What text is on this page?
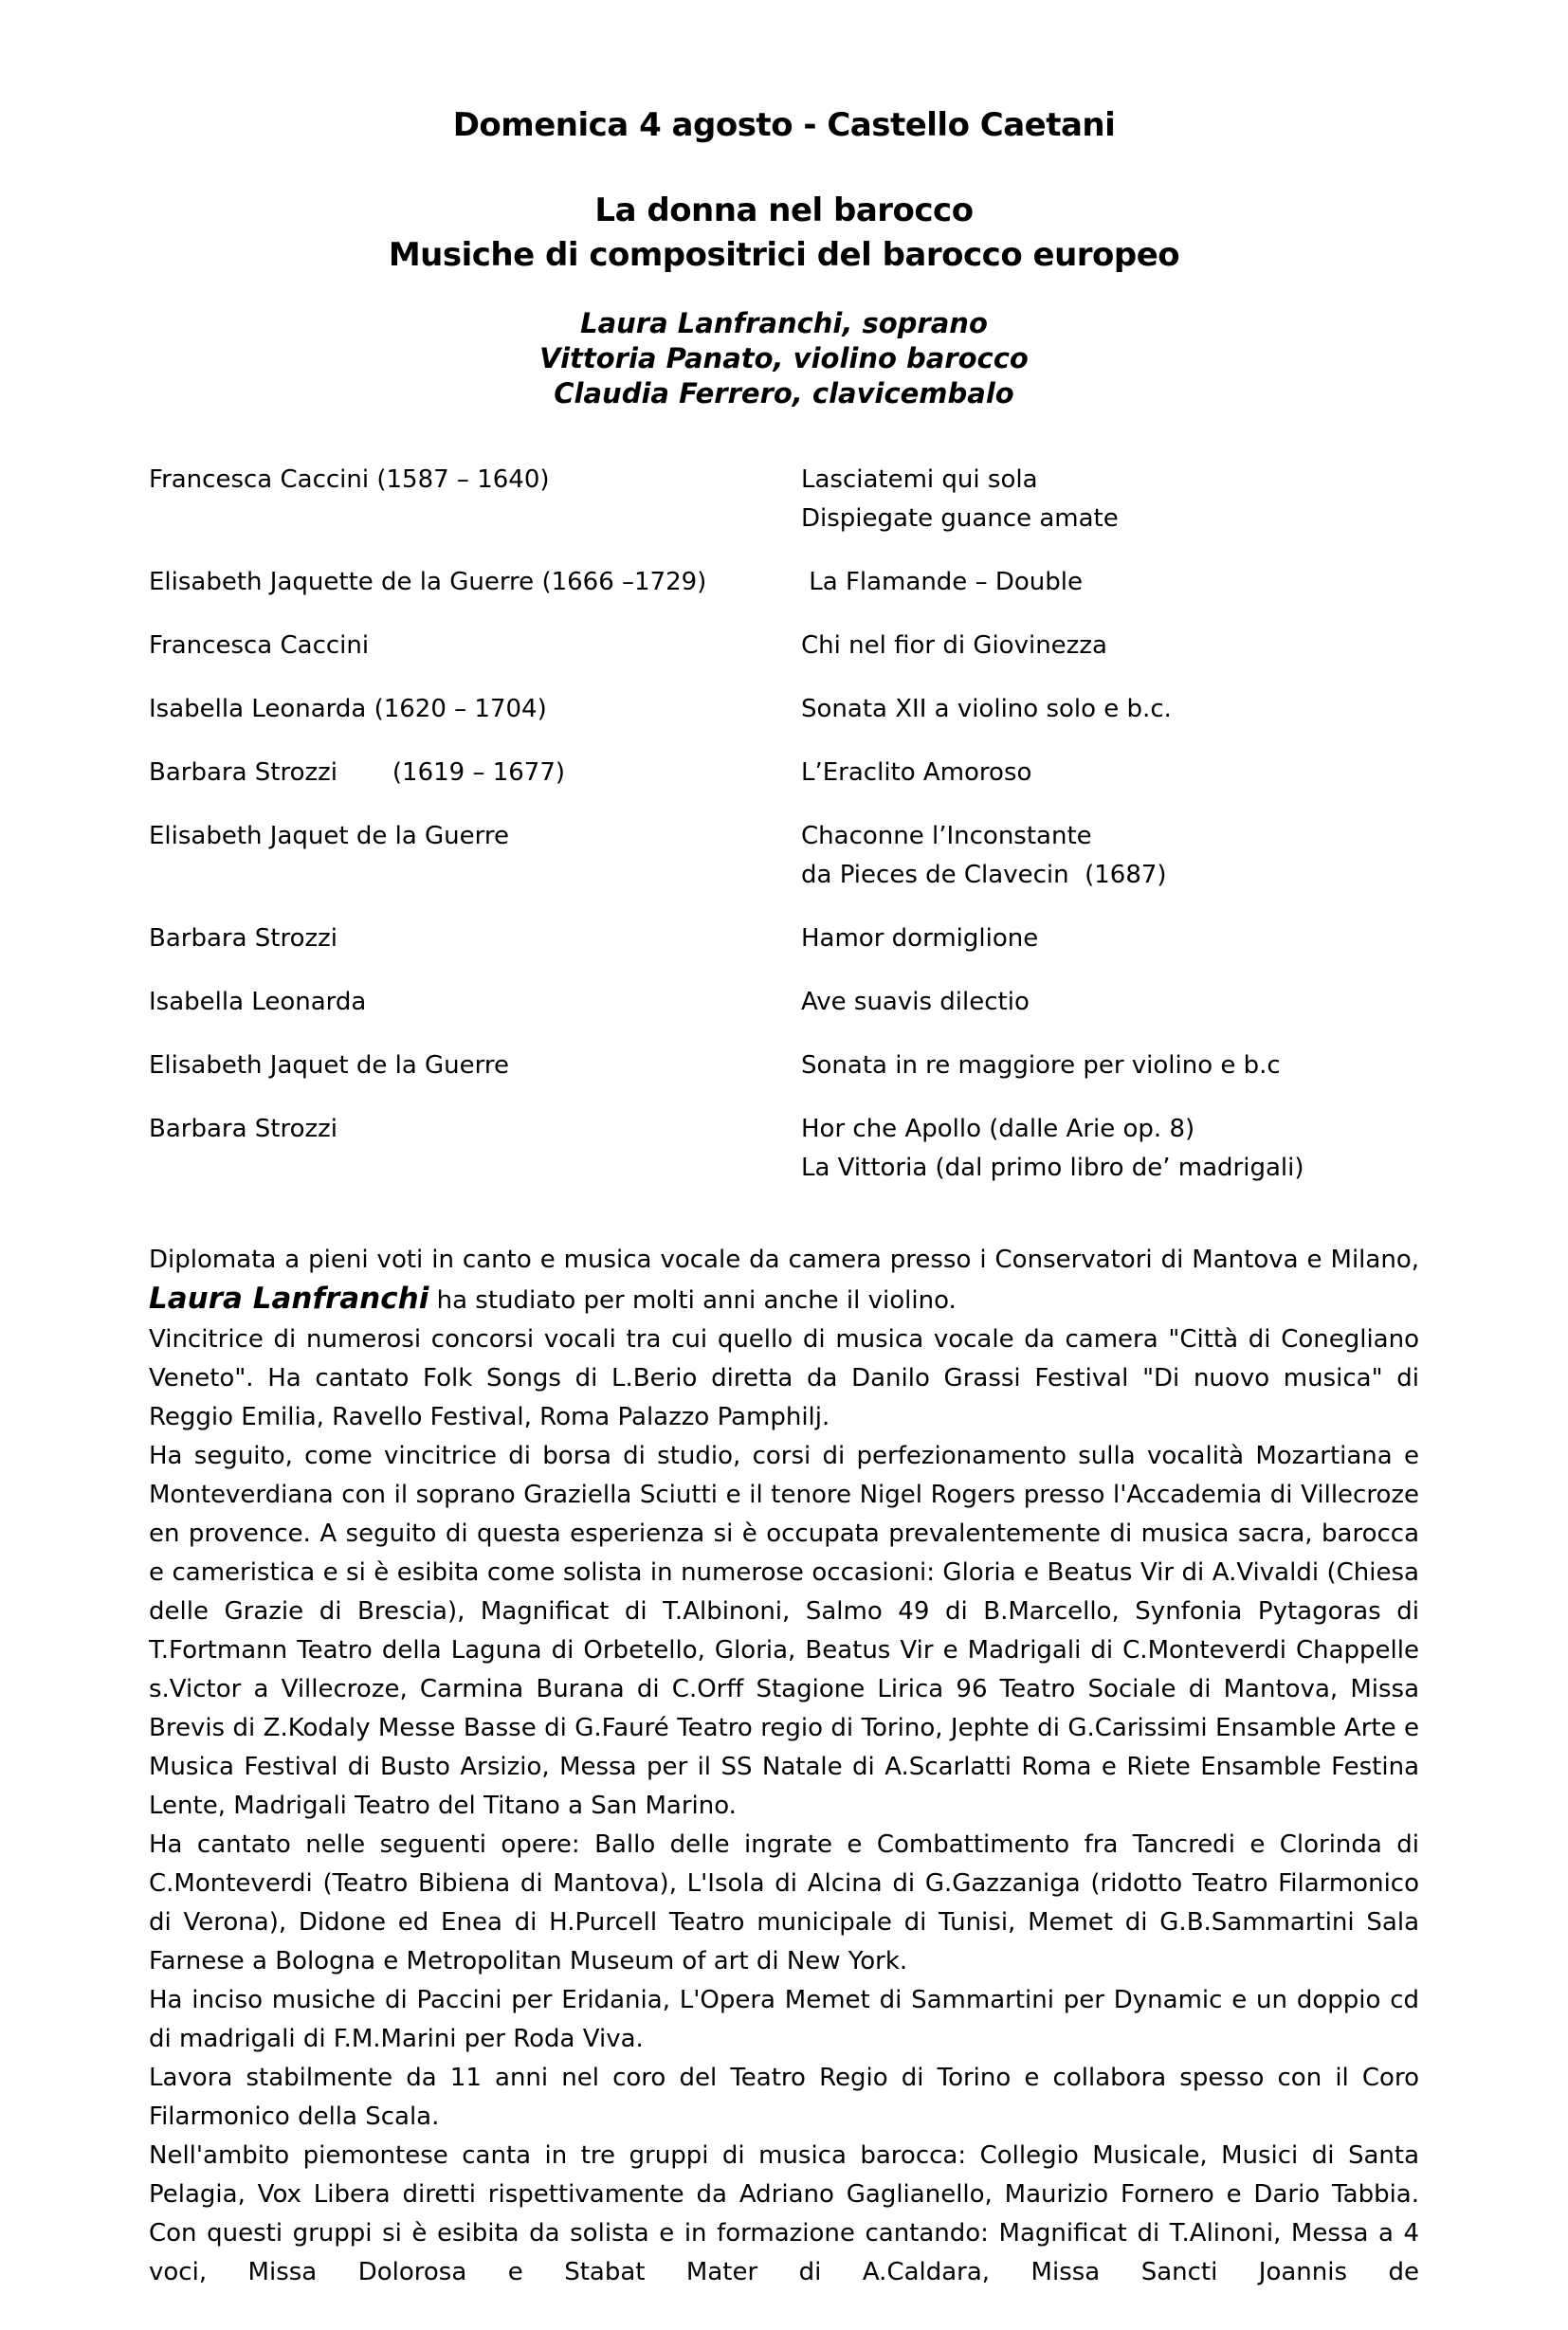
Domenica 4 agosto - Castello Caetani
La donna nel barocco
Musiche di compositrici del barocco europeo
Laura Lanfranchi, soprano
Vittoria Panato, violino barocco
Claudia Ferrero, clavicembalo
Francesca Caccini (1587 – 1640)	Lasciatemi qui sola
Dispiegate guance amate
Elisabeth Jaquette de la Guerre (1666 –1729)	La Flamande – Double
Francesca Caccini	Chi nel fior di Giovinezza
Isabella Leonarda (1620 – 1704)	Sonata XII a violino solo e b.c.
Barbara Strozzi       (1619 – 1677)	L’Eraclito Amoroso
Elisabeth Jaquet de la Guerre	Chaconne l’Inconstante
da Pieces de Clavecin  (1687)
Barbara Strozzi	Hamor dormiglione
Isabella Leonarda	Ave suavis dilectio
Elisabeth Jaquet de la Guerre	Sonata in re maggiore per violino e b.c
Barbara Strozzi	Hor che Apollo (dalle Arie op. 8)
La Vittoria (dal primo libro de’ madrigali)

Diplomata a pieni voti in canto e musica vocale da camera presso i Conservatori di Mantova e Milano, Laura Lanfranchi ha studiato per molti anni anche il violino.

Vincitrice di numerosi concorsi vocali tra cui quello di musica vocale da camera "Città di Conegliano Veneto". Ha cantato Folk Songs di L.Berio diretta da Danilo Grassi Festival "Di nuovo musica" di Reggio Emilia, Ravello Festival, Roma Palazzo Pamphilj.

Ha seguito, come vincitrice di borsa di studio, corsi di perfezionamento sulla vocalità Mozartiana e Monteverdiana con il soprano Graziella Sciutti e il tenore Nigel Rogers presso l'Accademia di Villecroze en provence. A seguito di questa esperienza si è occupata prevalentemente di musica sacra, barocca e cameristica e si è esibita come solista in numerose occasioni: Gloria e Beatus Vir di A.Vivaldi (Chiesa delle Grazie di Brescia), Magnificat di T.Albinoni, Salmo 49 di B.Marcello, Synfonia Pytagoras di T.Fortmann Teatro della Laguna di Orbetello, Gloria, Beatus Vir e Madrigali di C.Monteverdi Chappelle s.Victor a Villecroze, Carmina Burana di C.Orff Stagione Lirica 96 Teatro Sociale di Mantova, Missa Brevis di Z.Kodaly Messe Basse di G.Fauré Teatro regio di Torino, Jephte di G.Carissimi Ensamble Arte e Musica Festival di Busto Arsizio, Messa per il SS Natale di A.Scarlatti Roma e Riete Ensamble Festina Lente, Madrigali Teatro del Titano a San Marino.

Ha cantato nelle seguenti opere: Ballo delle ingrate e Combattimento fra Tancredi e Clorinda di C.Monteverdi (Teatro Bibiena di Mantova), L'Isola di Alcina di G.Gazzaniga (ridotto Teatro Filarmonico di Verona), Didone ed Enea di H.Purcell Teatro municipale di Tunisi, Memet di G.B.Sammartini Sala Farnese a Bologna e Metropolitan Museum of art di New York.

Ha inciso musiche di Paccini per Eridania, L'Opera Memet di Sammartini per Dynamic e un doppio cd di madrigali di F.M.Marini per Roda Viva.

Lavora stabilmente da 11 anni nel coro del Teatro Regio di Torino e collabora spesso con il Coro Filarmonico della Scala.

Nell'ambito piemontese canta in tre gruppi di musica barocca: Collegio Musicale, Musici di Santa Pelagia, Vox Libera diretti rispettivamente da Adriano Gaglianello, Maurizio Fornero e Dario Tabbia. Con questi gruppi si è esibita da solista e in formazione cantando: Magnificat di T.Alinoni, Messa a 4 voci, Missa Dolorosa e Stabat Mater di A.Caldara, Missa Sancti Joannis de
